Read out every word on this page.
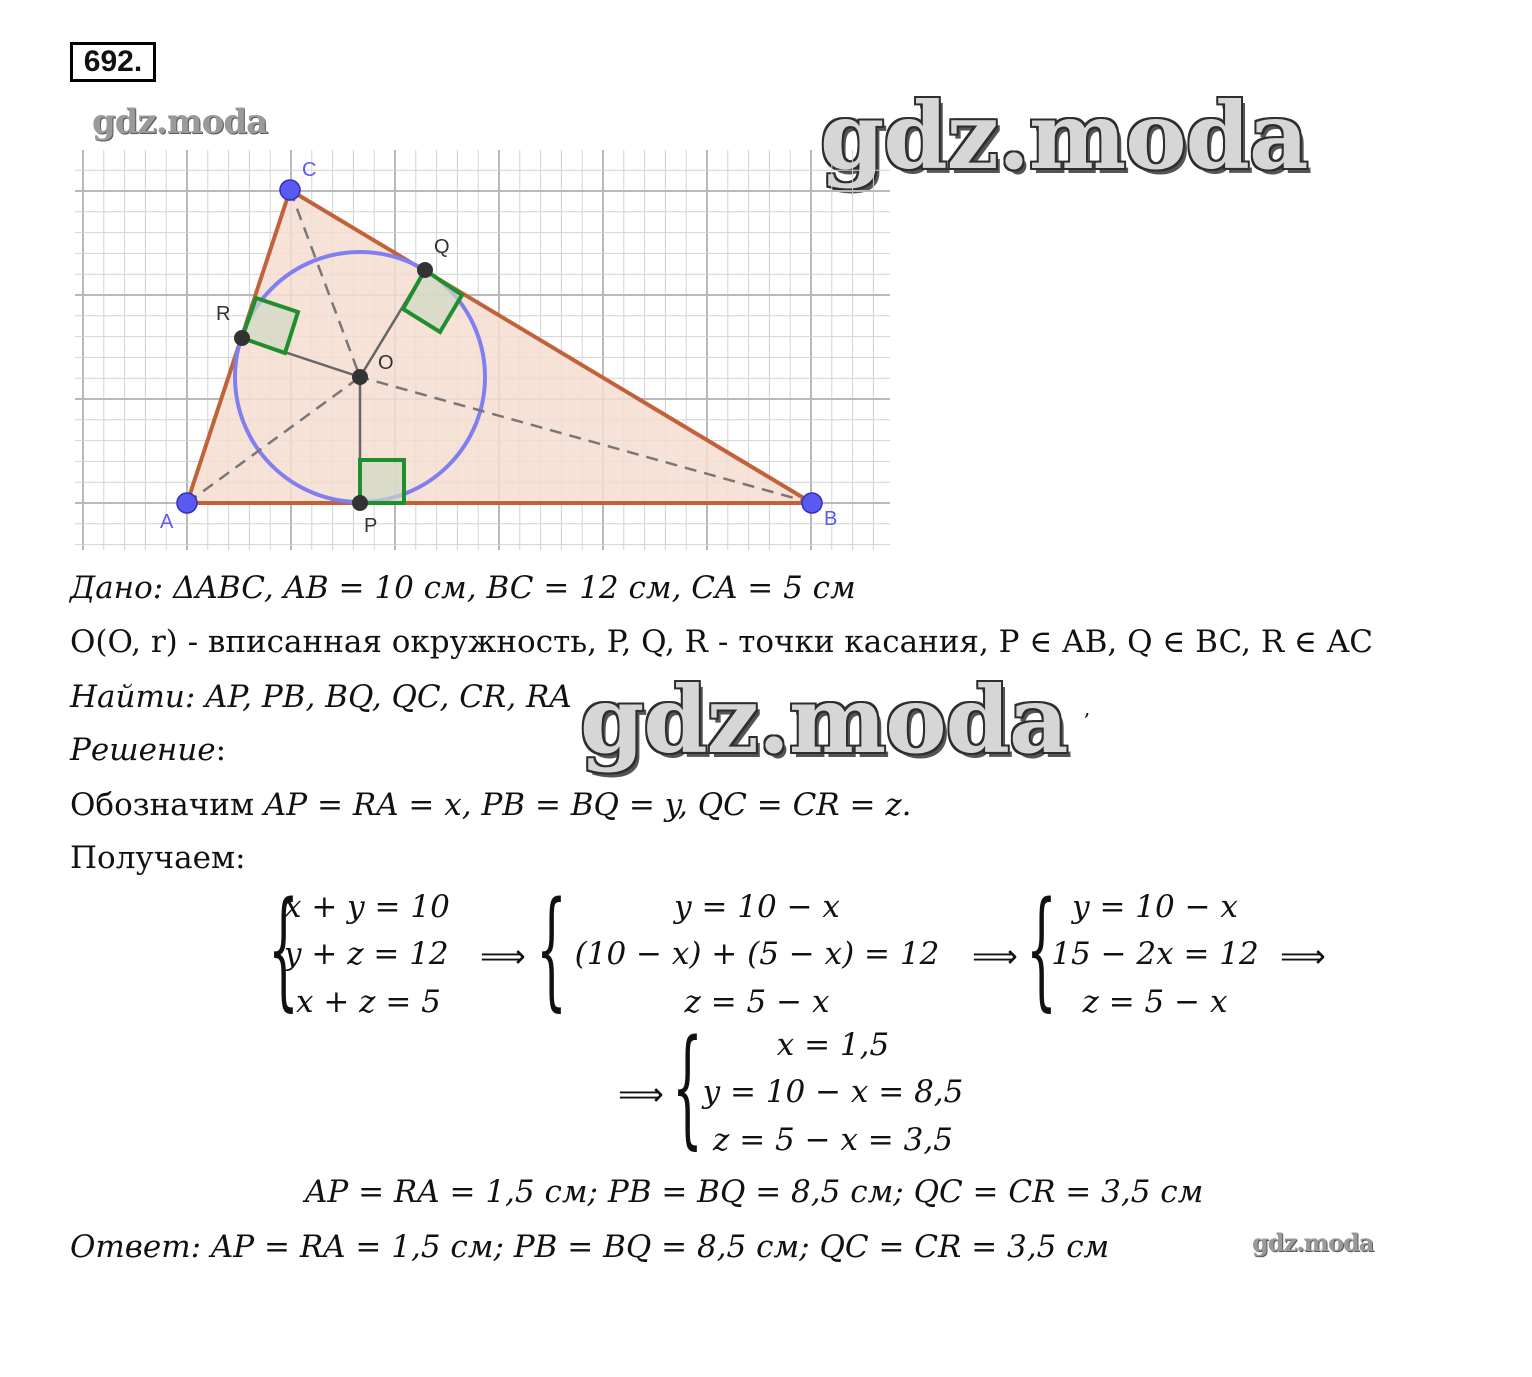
692.
gdz.moda	gdz.moda
A	B
C
O
P
Q
R
Дано: ΔABC, AB = 10 см, BC = 12 см, CA = 5 см
O(O, r) - вписанная окружность, P, Q, R - точки касания, P ∈ AB, Q ∈ BC, R ∈ AC
Найти: AP, PB, BQ, QC, CR, RA gdz.moda ,
Решение:
Обозначим AP = RA = x, PB = BQ = y, QC = CR = z.
Получаем:
{
x + y = 10
y + z = 12
x + z = 5
⟹ {	y = 10 − x
(10 − x) + (5 − x) = 12
z = 5 − x
⟹ { y = 10 − x
15 − 2x = 12
z = 5 − x
⟹
⟹ {	x = 1,5
y = 10 − x = 8,5
z = 5 − x = 3,5
AP = RA = 1,5 см; PB = BQ = 8,5 см; QC = CR = 3,5 см
Ответ: AP = RA = 1,5 см; PB = BQ = 8,5 см; QC = CR = 3,5 см	gdz.moda
